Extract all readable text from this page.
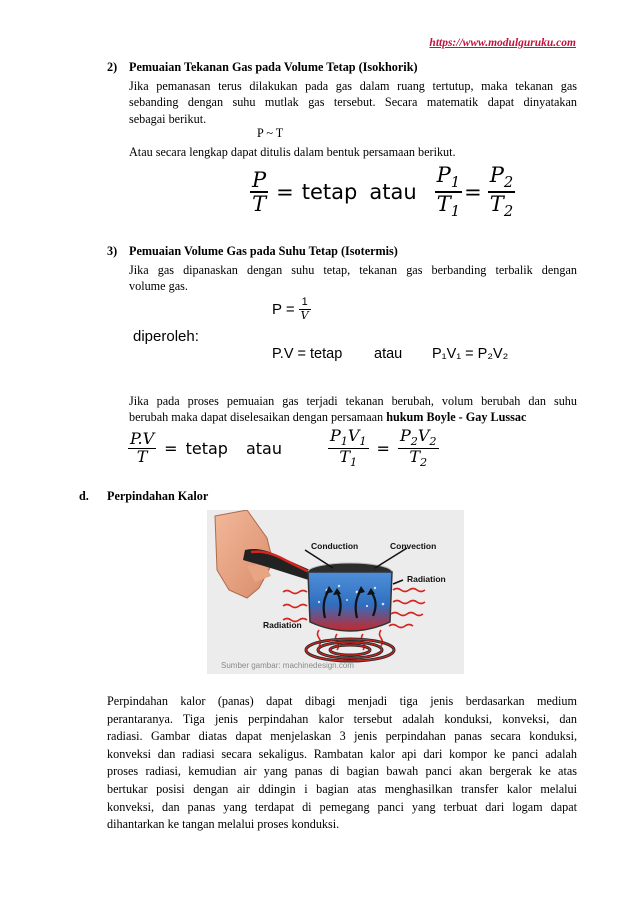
https://www.modulguruku.com
2) Pemuaian Tekanan Gas pada Volume Tetap (Isokhorik)
Jika pemanasan terus dilakukan pada gas dalam ruang tertutup, maka tekanan gas
sebanding dengan suhu mutlak gas tersebut. Secara matematik dapat dinyatakan
sebagai berikut.
P ~ T
Atau secara lengkap dapat ditulis dalam bentuk persamaan berikut.
$\frac{P}{T}$ = tetap atau $\frac{P_1}{T_1} = \frac{P_2}{T_2}$
3) Pemuaian Volume Gas pada Suhu Tetap (Isotermis)
Jika gas dipanaskan dengan suhu tetap, tekanan gas berbanding terbalik dengan
volume gas.
$P = \frac{1}{V}$
diperoleh:
P.V = tetap atau P₁V₁ = P₂V₂
Jika pada proses pemuaian gas terjadi tekanan berubah, volum berubah dan suhu
berubah maka dapat diselesaikan dengan persamaan hukum Boyle - Gay Lussac
$\frac{P.V}{T}$ = tetap atau	$\frac{P_1V_1}{T_1} = \frac{P_2V_2}{T_2}$
d. Perpindahan Kalor
Conduction	Convection
Radiation
Radiation
Sumber gambar: machinedesign.com
Perpindahan kalor (panas) dapat dibagi menjadi tiga jenis berdasarkan medium
perantaranya. Tiga jenis perpindahan kalor tersebut adalah konduksi, konveksi, dan
radiasi. Gambar diatas dapat menjelaskan 3 jenis perpindahan panas secara konduksi,
konveksi dan radiasi secara sekaligus. Rambatan kalor api dari kompor ke panci adalah
proses radiasi, kemudian air yang panas di bagian bawah panci akan bergerak ke atas
bertukar posisi dengan air ddingin i bagian atas menghasilkan transfer kalor melalui
konveksi, dan panas yang terdapat di pemegang panci yang terbuat dari logam dapat
dihantarkan ke tangan melalui proses konduksi.
